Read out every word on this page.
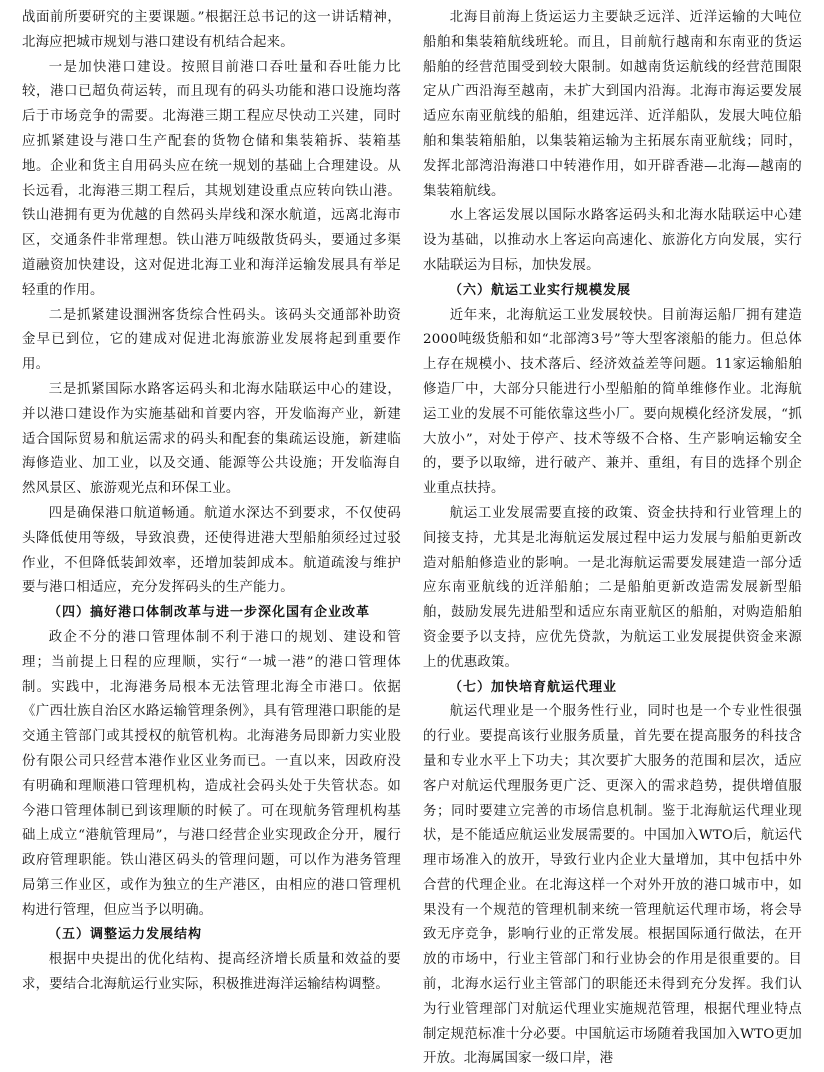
战面前所要研究的主要课题。”根据汪总书记的这一讲话精神，北海应把城市规划与港口建设有机结合起来。

一是加快港口建设。按照目前港口吞吐量和吞吐能力比较，港口已超负荷运转，而且现有的码头功能和港口设施均落后于市场竞争的需要。北海港三期工程应尽快动工兴建，同时应抓紧建设与港口生产配套的货物仓储和集装箱拆、装箱基地。企业和货主自用码头应在统一规划的基础上合理建设。从长远看，北海港三期工程后，其规划建设重点应转向铁山港。铁山港拥有更为优越的自然码头岸线和深水航道，远离北海市区，交通条件非常理想。铁山港万吨级散货码头，要通过多渠道融资加快建设，这对促进北海工业和海洋运输发展具有举足轻重的作用。

二是抓紧建设涠洲客货综合性码头。该码头交通部补助资金早已到位，它的建成对促进北海旅游业发展将起到重要作用。

三是抓紧国际水路客运码头和北海水陆联运中心的建设，并以港口建设作为实施基础和首要内容，开发临海产业，新建适合国际贸易和航运需求的码头和配套的集疏运设施，新建临海修造业、加工业，以及交通、能源等公共设施；开发临海自然风景区、旅游观光点和环保工业。

四是确保港口航道畅通。航道水深达不到要求，不仅使码头降低使用等级，导致浪费，还使得进港大型船舶须经过过驳作业，不但降低装卸效率，还增加装卸成本。航道疏浚与维护要与港口相适应，充分发挥码头的生产能力。

（四）搞好港口体制改革与进一步深化国有企业改革

政企不分的港口管理体制不利于港口的规划、建设和管理；当前提上日程的应理顺，实行“一城一港”的港口管理体制。实践中，北海港务局根本无法管理北海全市港口。依据《广西壮族自治区水路运输管理条例》，具有管理港口职能的是交通主管部门或其授权的航管机构。北海港务局即新力实业股份有限公司只经营本港作业区业务而已。一直以来，因政府没有明确和理顺港口管理机构，造成社会码头处于失管状态。如今港口管理体制已到该理顺的时候了。可在现航务管理机构基础上成立“港航管理局”，与港口经营企业实现政企分开，履行政府管理职能。铁山港区码头的管理问题，可以作为港务管理局第三作业区，或作为独立的生产港区，由相应的港口管理机构进行管理，但应当予以明确。

（五）调整运力发展结构

根据中央提出的优化结构、提高经济增长质量和效益的要求，要结合北海航运行业实际，积极推进海洋运输结构调整。

北海目前海上货运运力主要缺乏远洋、近洋运输的大吨位船舶和集装箱航线班轮。而且，目前航行越南和东南亚的货运船舶的经营范围受到较大限制。如越南货运航线的经营范围限定从广西沿海至越南，未扩大到国内沿海。北海市海运要发展适应东南亚航线的船舶，组建远洋、近洋船队，发展大吨位船舶和集装箱船舶，以集装箱运输为主拓展东南亚航线；同时，发挥北部湾沿海港口中转港作用，如开辟香港—北海—越南的集装箱航线。

水上客运发展以国际水路客运码头和北海水陆联运中心建设为基础，以推动水上客运向高速化、旅游化方向发展，实行水陆联运为目标，加快发展。

（六）航运工业实行规模发展

近年来，北海航运工业发展较快。目前海运船厂拥有建造2000吨级货船和如“北部湾3号”等大型客滚船的能力。但总体上存在规模小、技术落后、经济效益差等问题。11家运输船舶修造厂中，大部分只能进行小型船舶的简单维修作业。北海航运工业的发展不可能依靠这些小厂。要向规模化经济发展，“抓大放小”，对处于停产、技术等级不合格、生产影响运输安全的，要予以取缔，进行破产、兼并、重组，有目的选择个别企业重点扶持。

航运工业发展需要直接的政策、资金扶持和行业管理上的间接支持，尤其是北海航运发展过程中运力发展与船舶更新改造对船舶修造业的影响。一是北海航运需要发展建造一部分适应东南亚航线的近洋船舶；二是船舶更新改造需发展新型船舶，鼓励发展先进船型和适应东南亚航区的船舶，对购造船舶资金要予以支持，应优先贷款，为航运工业发展提供资金来源上的优惠政策。

（七）加快培育航运代理业

航运代理业是一个服务性行业，同时也是一个专业性很强的行业。要提高该行业服务质量，首先要在提高服务的科技含量和专业水平上下功夫；其次要扩大服务的范围和层次，适应客户对航运代理服务更广泛、更深入的需求趋势，提供增值服务；同时要建立完善的市场信息机制。鉴于北海航运代理业现状，是不能适应航运业发展需要的。中国加入WTO后，航运代理市场准入的放开，导致行业内企业大量增加，其中包括中外合营的代理企业。在北海这样一个对外开放的港口城市中，如果没有一个规范的管理机制来统一管理航运代理市场，将会导致无序竞争，影响行业的正常发展。根据国际通行做法，在开放的市场中，行业主管部门和行业协会的作用是很重要的。目前，北海水运行业主管部门的职能还未得到充分发挥。我们认为行业管理部门对航运代理业实施规范管理，根据代理业特点制定规范标准十分必要。中国航运市场随着我国加入WTO更加开放。北海属国家一级口岸，港
